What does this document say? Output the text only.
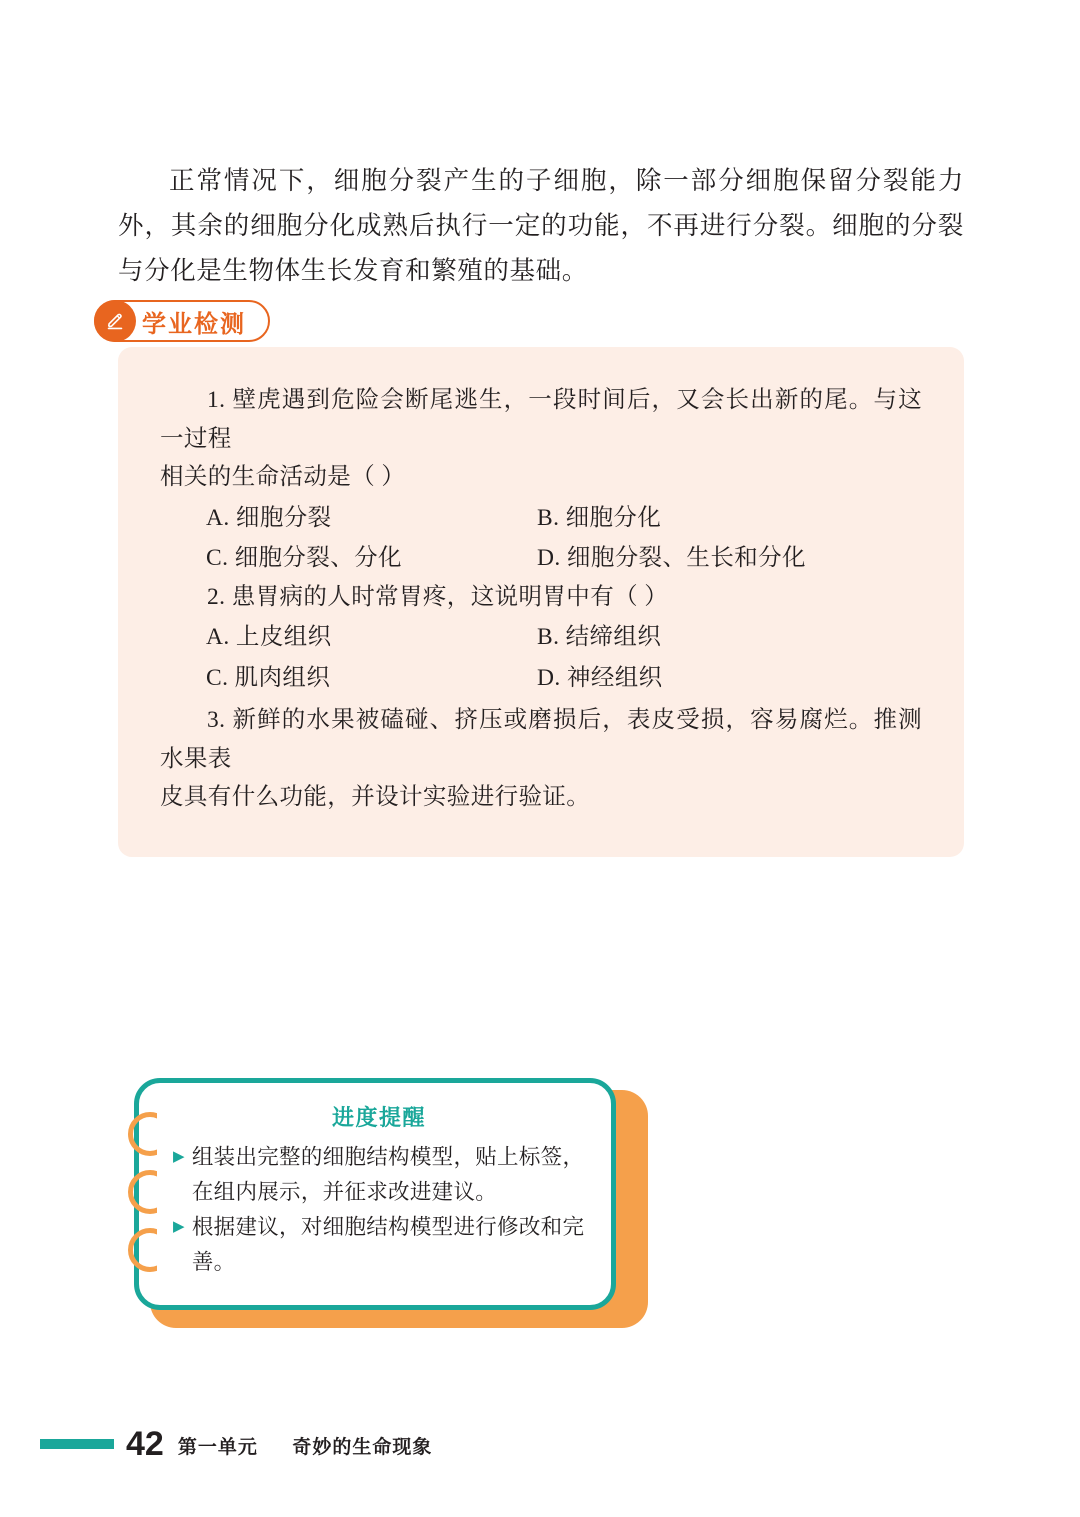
正常情况下，细胞分裂产生的子细胞，除一部分细胞保留分裂能力外，其余的细胞分化成熟后执行一定的功能，不再进行分裂。细胞的分裂与分化是生物体生长发育和繁殖的基础。

学业检测

1. 壁虎遇到危险会断尾逃生，一段时间后，又会长出新的尾。与这一过程

相关的生命活动是（ ）

A. 细胞分裂	B. 细胞分化
C. 细胞分裂、分化	D. 细胞分裂、生长和分化

2. 患胃病的人时常胃疼，这说明胃中有（ ）

A. 上皮组织	B. 结缔组织
C. 肌肉组织	D. 神经组织

3. 新鲜的水果被磕碰、挤压或磨损后，表皮受损，容易腐烂。推测水果表

皮具有什么功能，并设计实验进行验证。

进度提醒
▶ 组装出完整的细胞结构模型，贴上标签，在组内展示，并征求改进建议。
▶ 根据建议，对细胞结构模型进行修改和完善。
42 第一单元 奇妙的生命现象
